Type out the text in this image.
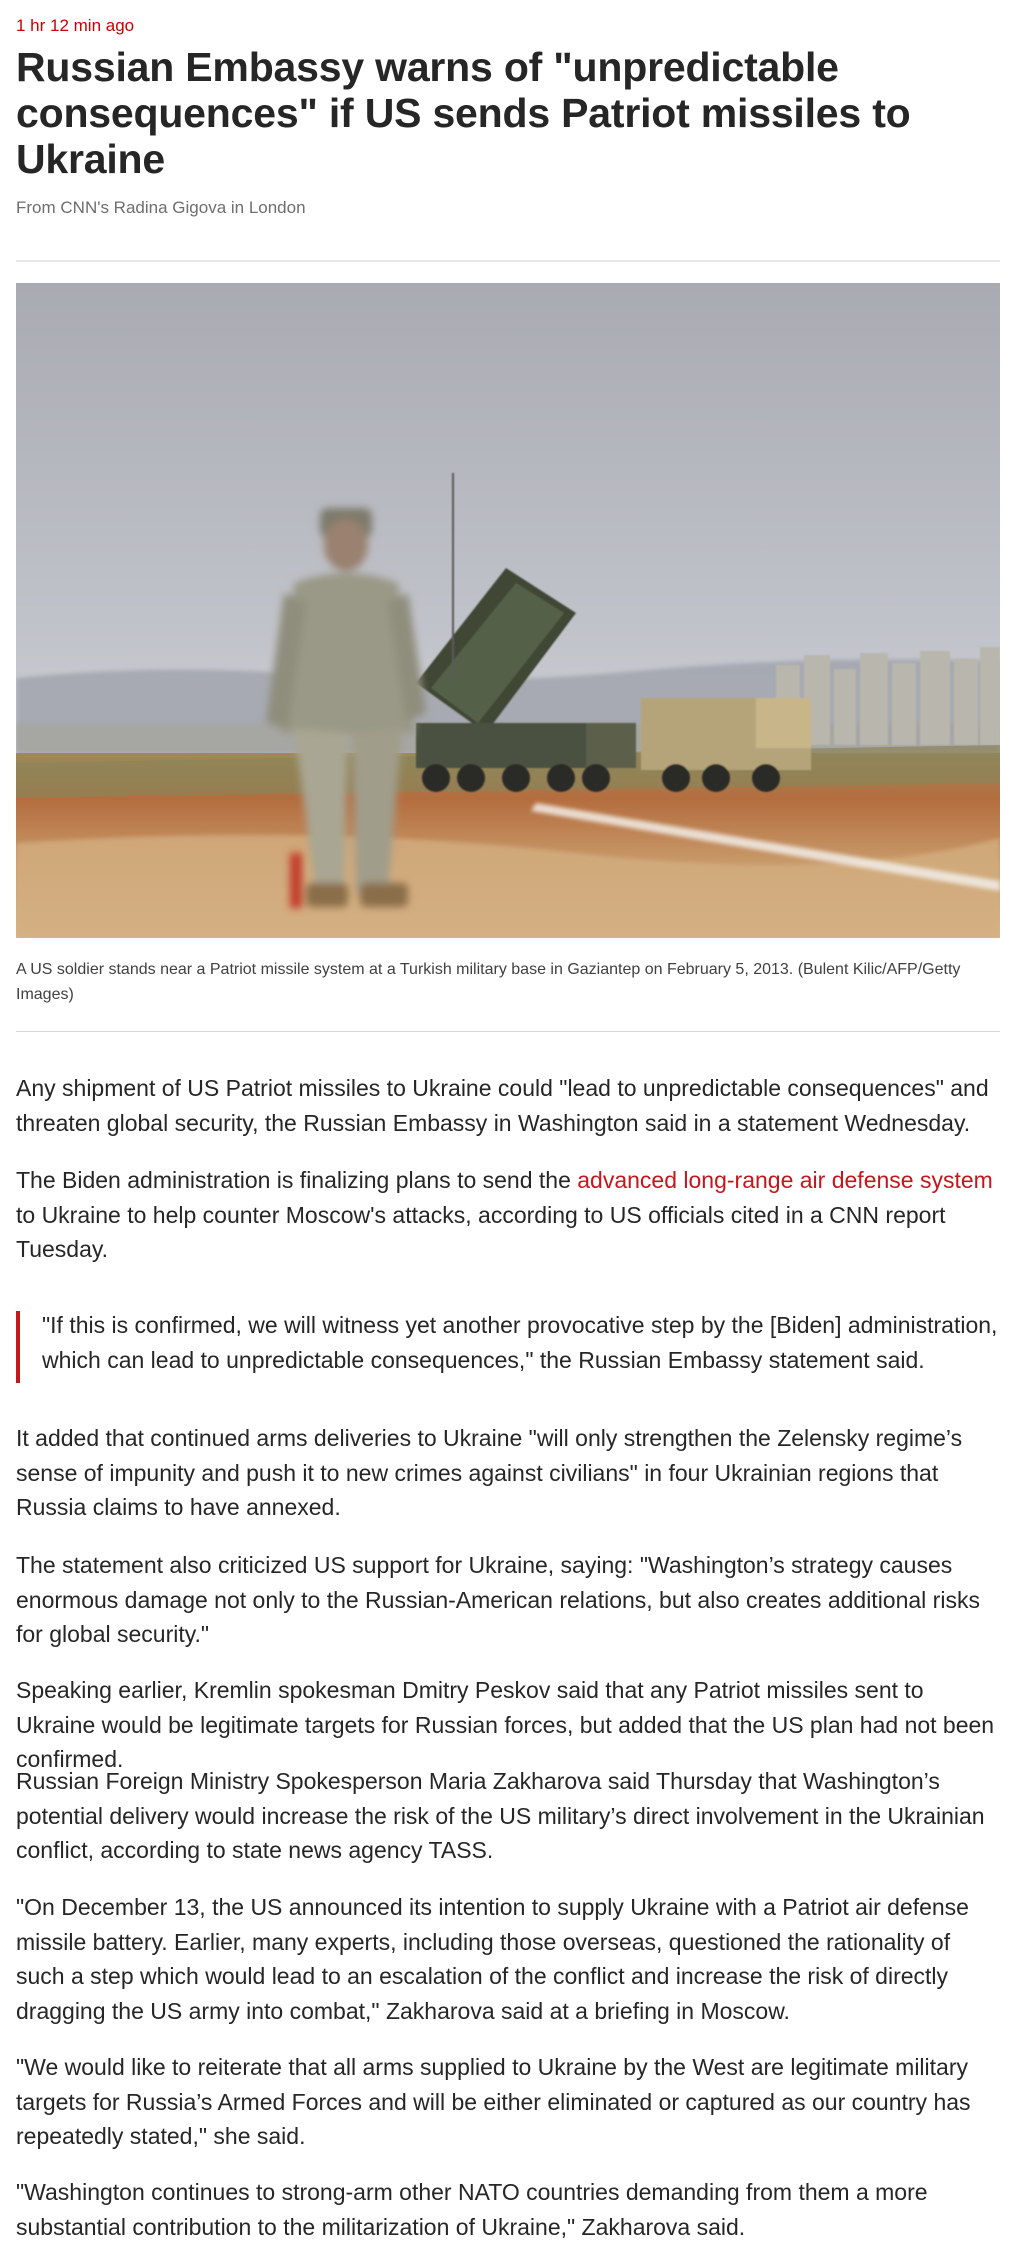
1 hr 12 min ago
Russian Embassy warns of "unpredictable consequences" if US sends Patriot missiles to Ukraine
From CNN's Radina Gigova in London
A US soldier stands near a Patriot missile system at a Turkish military base in Gaziantep on February 5, 2013. (Bulent Kilic/AFP/Getty Images)

Any shipment of US Patriot missiles to Ukraine could "lead to unpredictable consequences" and threaten global security, the Russian Embassy in Washington said in a statement Wednesday.

The Biden administration is finalizing plans to send the advanced long-range air defense system to Ukraine to help counter Moscow's attacks, according to US officials cited in a CNN report Tuesday.

"If this is confirmed, we will witness yet another provocative step by the [Biden] administration, which can lead to unpredictable consequences," the Russian Embassy statement said.

It added that continued arms deliveries to Ukraine "will only strengthen the Zelensky regime’s sense of impunity and push it to new crimes against civilians" in four Ukrainian regions that Russia claims to have annexed.

The statement also criticized US support for Ukraine, saying: "Washington’s strategy causes enormous damage not only to the Russian-American relations, but also creates additional risks for global security."

Speaking earlier, Kremlin spokesman Dmitry Peskov said that any Patriot missiles sent to Ukraine would be legitimate targets for Russian forces, but added that the US plan had not been confirmed.

Russian Foreign Ministry Spokesperson Maria Zakharova said Thursday that Washington’s potential delivery would increase the risk of the US military’s direct involvement in the Ukrainian conflict, according to state news agency TASS.

"On December 13, the US announced its intention to supply Ukraine with a Patriot air defense missile battery. Earlier, many experts, including those overseas, questioned the rationality of such a step which would lead to an escalation of the conflict and increase the risk of directly dragging the US army into combat," Zakharova said at a briefing in Moscow.

"We would like to reiterate that all arms supplied to Ukraine by the West are legitimate military targets for Russia’s Armed Forces and will be either eliminated or captured as our country has repeatedly stated," she said.

"Washington continues to strong-arm other NATO countries demanding from them a more substantial contribution to the militarization of Ukraine," Zakharova said.
